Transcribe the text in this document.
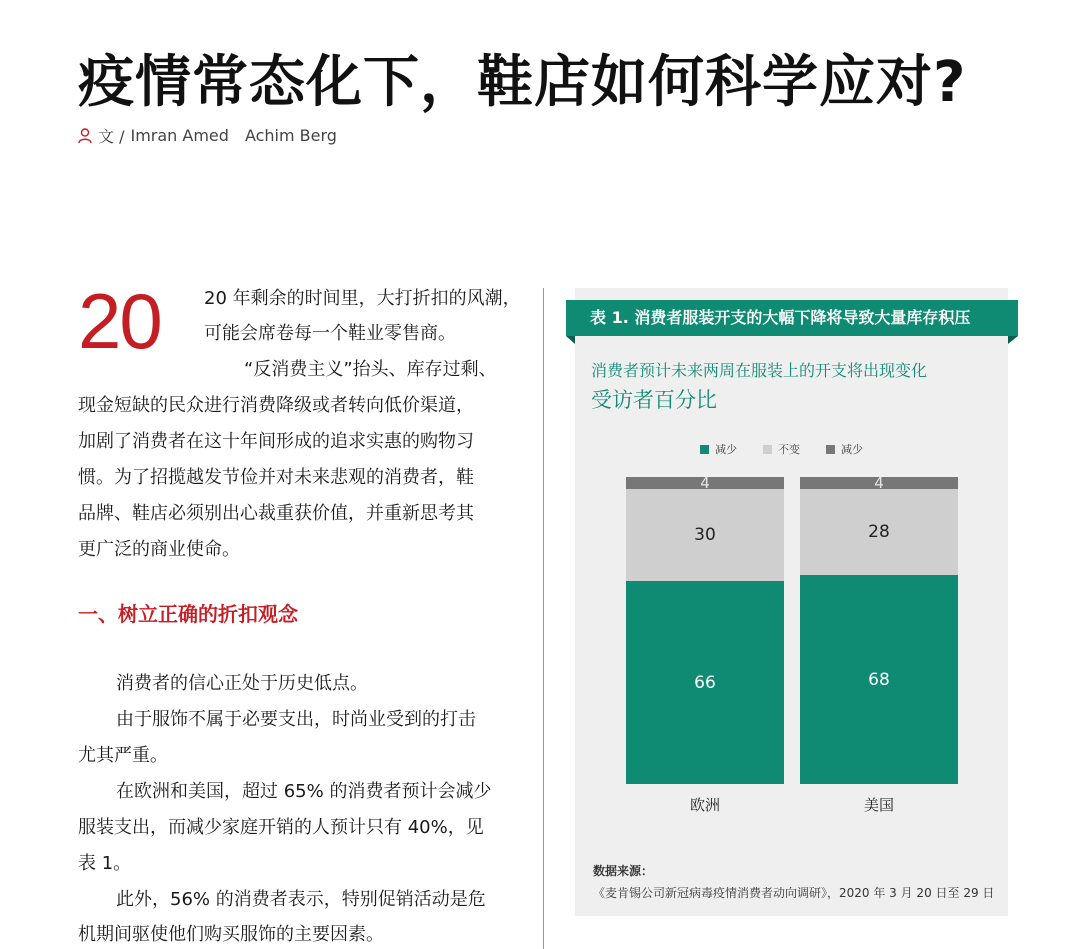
疫情常态化下，鞋店如何科学应对?
文 / Imran Amed Achim Berg
20 20 年剩余的时间里，大打折扣的风潮，
可能会席卷每一个鞋业零售商。
“反消费主义”抬头、库存过剩、
现金短缺的民众进行消费降级或者转向低价渠道，
加剧了消费者在这十年间形成的追求实惠的购物习
惯。为了招揽越发节俭并对未来悲观的消费者，鞋
品牌、鞋店必须别出心裁重获价值，并重新思考其
更广泛的商业使命。
一、树立正确的折扣观念
消费者的信心正处于历史低点。
由于服饰不属于必要支出，时尚业受到的打击
尤其严重。
在欧洲和美国，超过 65% 的消费者预计会减少
服装支出，而减少家庭开销的人预计只有 40%，见
表 1。
此外，56% 的消费者表示，特别促销活动是危
机期间驱使他们购买服饰的主要因素。
表 1. 消费者服装开支的大幅下降将导致大量库存积压
消费者预计未来两周在服装上的开支将出现变化
受访者百分比
减少	不变	减少
66
30
4
欧洲
68
28
4
美国
数据来源：
《麦肯锡公司新冠病毒疫情消费者动向调研》，2020 年 3 月 20 日至 29 日
